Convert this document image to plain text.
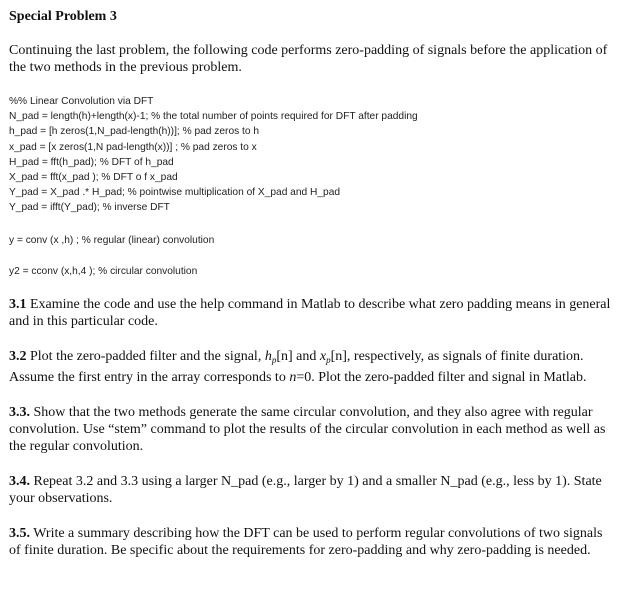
Special Problem 3

Continuing the last problem, the following code performs zero-padding of signals before the application of the two methods in the previous problem.

%% Linear Convolution via DFT
N_pad = length(h)+length(x)-1; % the total number of points required for DFT after padding
h_pad = [h zeros(1,N_pad-length(h))]; % pad zeros to h
x_pad = [x zeros(1,N pad-length(x))] ; % pad zeros to x
H_pad = fft(h_pad); % DFT of h_pad
X_pad = fft(x_pad ); % DFT o f x_pad
Y_pad = X_pad .* H_pad; % pointwise multiplication of X_pad and H_pad
Y_pad = ifft(Y_pad); % inverse DFT
y = conv (x ,h) ; % regular (linear) convolution
y2 = cconv (x,h,4 ); % circular convolution

3.1 Examine the code and use the help command in Matlab to describe what zero padding means in general and in this particular code.

3.2 Plot the zero-padded filter and the signal, $h_p[n]$ and $x_p[n]$, respectively, as signals of finite duration. Assume the first entry in the array corresponds to n=0. Plot the zero-padded filter and signal in Matlab.

3.3. Show that the two methods generate the same circular convolution, and they also agree with regular convolution. Use “stem” command to plot the results of the circular convolution in each method as well as the regular convolution.

3.4. Repeat 3.2 and 3.3 using a larger N_pad (e.g., larger by 1) and a smaller N_pad (e.g., less by 1). State your observations.

3.5. Write a summary describing how the DFT can be used to perform regular convolutions of two signals of finite duration. Be specific about the requirements for zero-padding and why zero-padding is needed.
